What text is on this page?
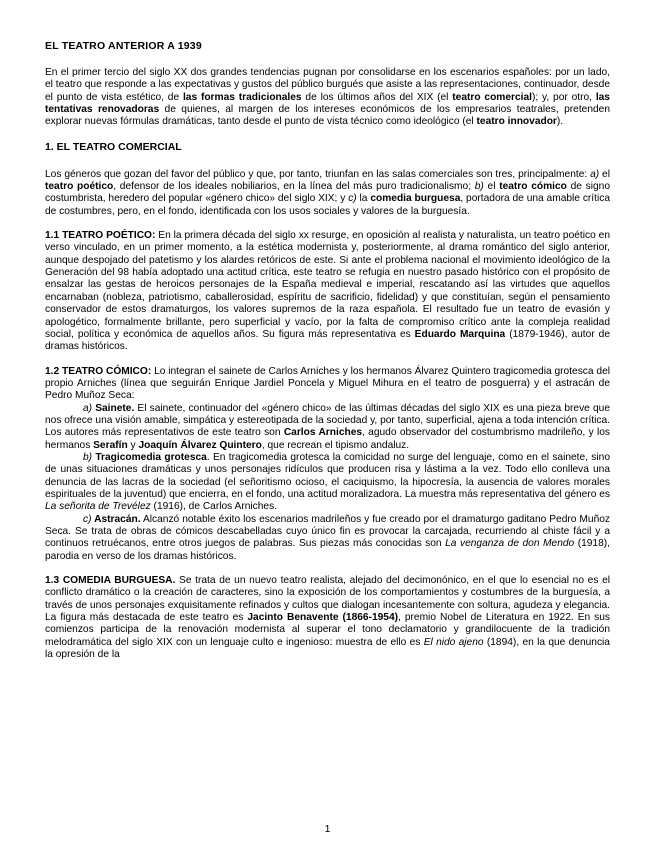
EL TEATRO ANTERIOR A 1939

En el primer tercio del siglo XX dos grandes tendencias pugnan por consolidarse en los escenarios españoles: por un lado, el teatro que responde a las expectativas y gustos del público burgués que asiste a las representaciones, continuador, desde el punto de vista estético, de las formas tradicionales de los últimos años del XIX (el teatro comercial); y, por otro, las tentativas renovadoras de quienes, al margen de los intereses económicos de los empresarios teatrales, pretenden explorar nuevas fórmulas dramáticas, tanto desde el punto de vista técnico como ideológico (el teatro innovador).

1. EL TEATRO COMERCIAL

Los géneros que gozan del favor del público y que, por tanto, triunfan en las salas comerciales son tres, principalmente: a) el teatro poético, defensor de los ideales nobiliarios, en la línea del más puro tradicionalismo; b) el teatro cómico de signo costumbrista, heredero del popular «género chico» del siglo XIX; y c) la comedia burguesa, portadora de una amable crítica de costumbres, pero, en el fondo, identificada con los usos sociales y valores de la burguesía.

1.1 TEATRO POÉTICO: En la primera década del siglo xx resurge, en oposición al realista y naturalista, un teatro poético en verso vinculado, en un primer momento, a la estética modernista y, posteriormente, al drama romántico del siglo anterior, aunque despojado del patetismo y los alardes retóricos de este. Si ante el problema nacional el movimiento ideológico de la Generación del 98 había adoptado una actitud crítica, este teatro se refugia en nuestro pasado histórico con el propósito de ensalzar las gestas de heroicos personajes de la España medieval e imperial, rescatando así las virtudes que aquellos encarnaban (nobleza, patriotismo, caballerosidad, espíritu de sacrificio, fidelidad) y que constituían, según el pensamiento conservador de estos dramaturgos, los valores supremos de la raza española. El resultado fue un teatro de evasión y apologético, formalmente brillante, pero superficial y vacío, por la falta de compromiso crítico ante la compleja realidad social, política y económica de aquellos años. Su figura más representativa es Eduardo Marquina (1879-1946), autor de dramas históricos.

1.2 TEATRO CÓMICO: Lo integran el sainete de Carlos Arniches y los hermanos Álvarez Quintero tragicomedia grotesca del propio Arniches (línea que seguirán Enrique Jardiel Poncela y Miguel Mihura en el teatro de posguerra) y el astracán de Pedro Muñoz Seca:

a) Sainete. El sainete, continuador del «género chico» de las últimas décadas del siglo XIX es una pieza breve que nos ofrece una visión amable, simpática y estereotipada de la sociedad y, por tanto, superficial, ajena a toda intención crítica. Los autores más representativos de este teatro son Carlos Arniches, agudo observador del costumbrismo madrileño, y los hermanos Serafín y Joaquín Álvarez Quintero, que recrean el tipismo andaluz.

b) Tragicomedia grotesca. En tragicomedia grotesca la comicidad no surge del lenguaje, como en el sainete, sino de unas situaciones dramáticas y unos personajes ridículos que producen risa y lástima a la vez. Todo ello conlleva una denuncia de las lacras de la sociedad (el señoritismo ocioso, el caciquismo, la hipocresía, la ausencia de valores morales espirituales de la juventud) que encierra, en el fondo, una actitud moralizadora. La muestra más representativa del género es La señorita de Trevélez (1916), de Carlos Arniches.

c) Astracán. Alcanzó notable éxito los escenarios madrileños y fue creado por el dramaturgo gaditano Pedro Muñoz Seca. Se trata de obras de cómicos descabelladas cuyo único fin es provocar la carcajada, recurriendo al chiste fácil y a continuos retruécanos, entre otros juegos de palabras. Sus piezas más conocidas son La venganza de don Mendo (1918), parodia en verso de los dramas históricos.

1.3 COMEDIA BURGUESA. Se trata de un nuevo teatro realista, alejado del decimonónico, en el que lo esencial no es el conflicto dramático o la creación de caracteres, sino la exposición de los comportamientos y costumbres de la burguesía, a través de unos personajes exquisitamente refinados y cultos que dialogan incesantemente con soltura, agudeza y elegancia. La figura más destacada de este teatro es Jacinto Benavente (1866-1954), premio Nobel de Literatura en 1922. En sus comienzos participa de la renovación modernista al superar el tono declamatorio y grandilocuente de la tradición melodramática del siglo XIX con un lenguaje culto e ingenioso: muestra de ello es El nido ajeno (1894), en la que denuncia la opresión de la

1
